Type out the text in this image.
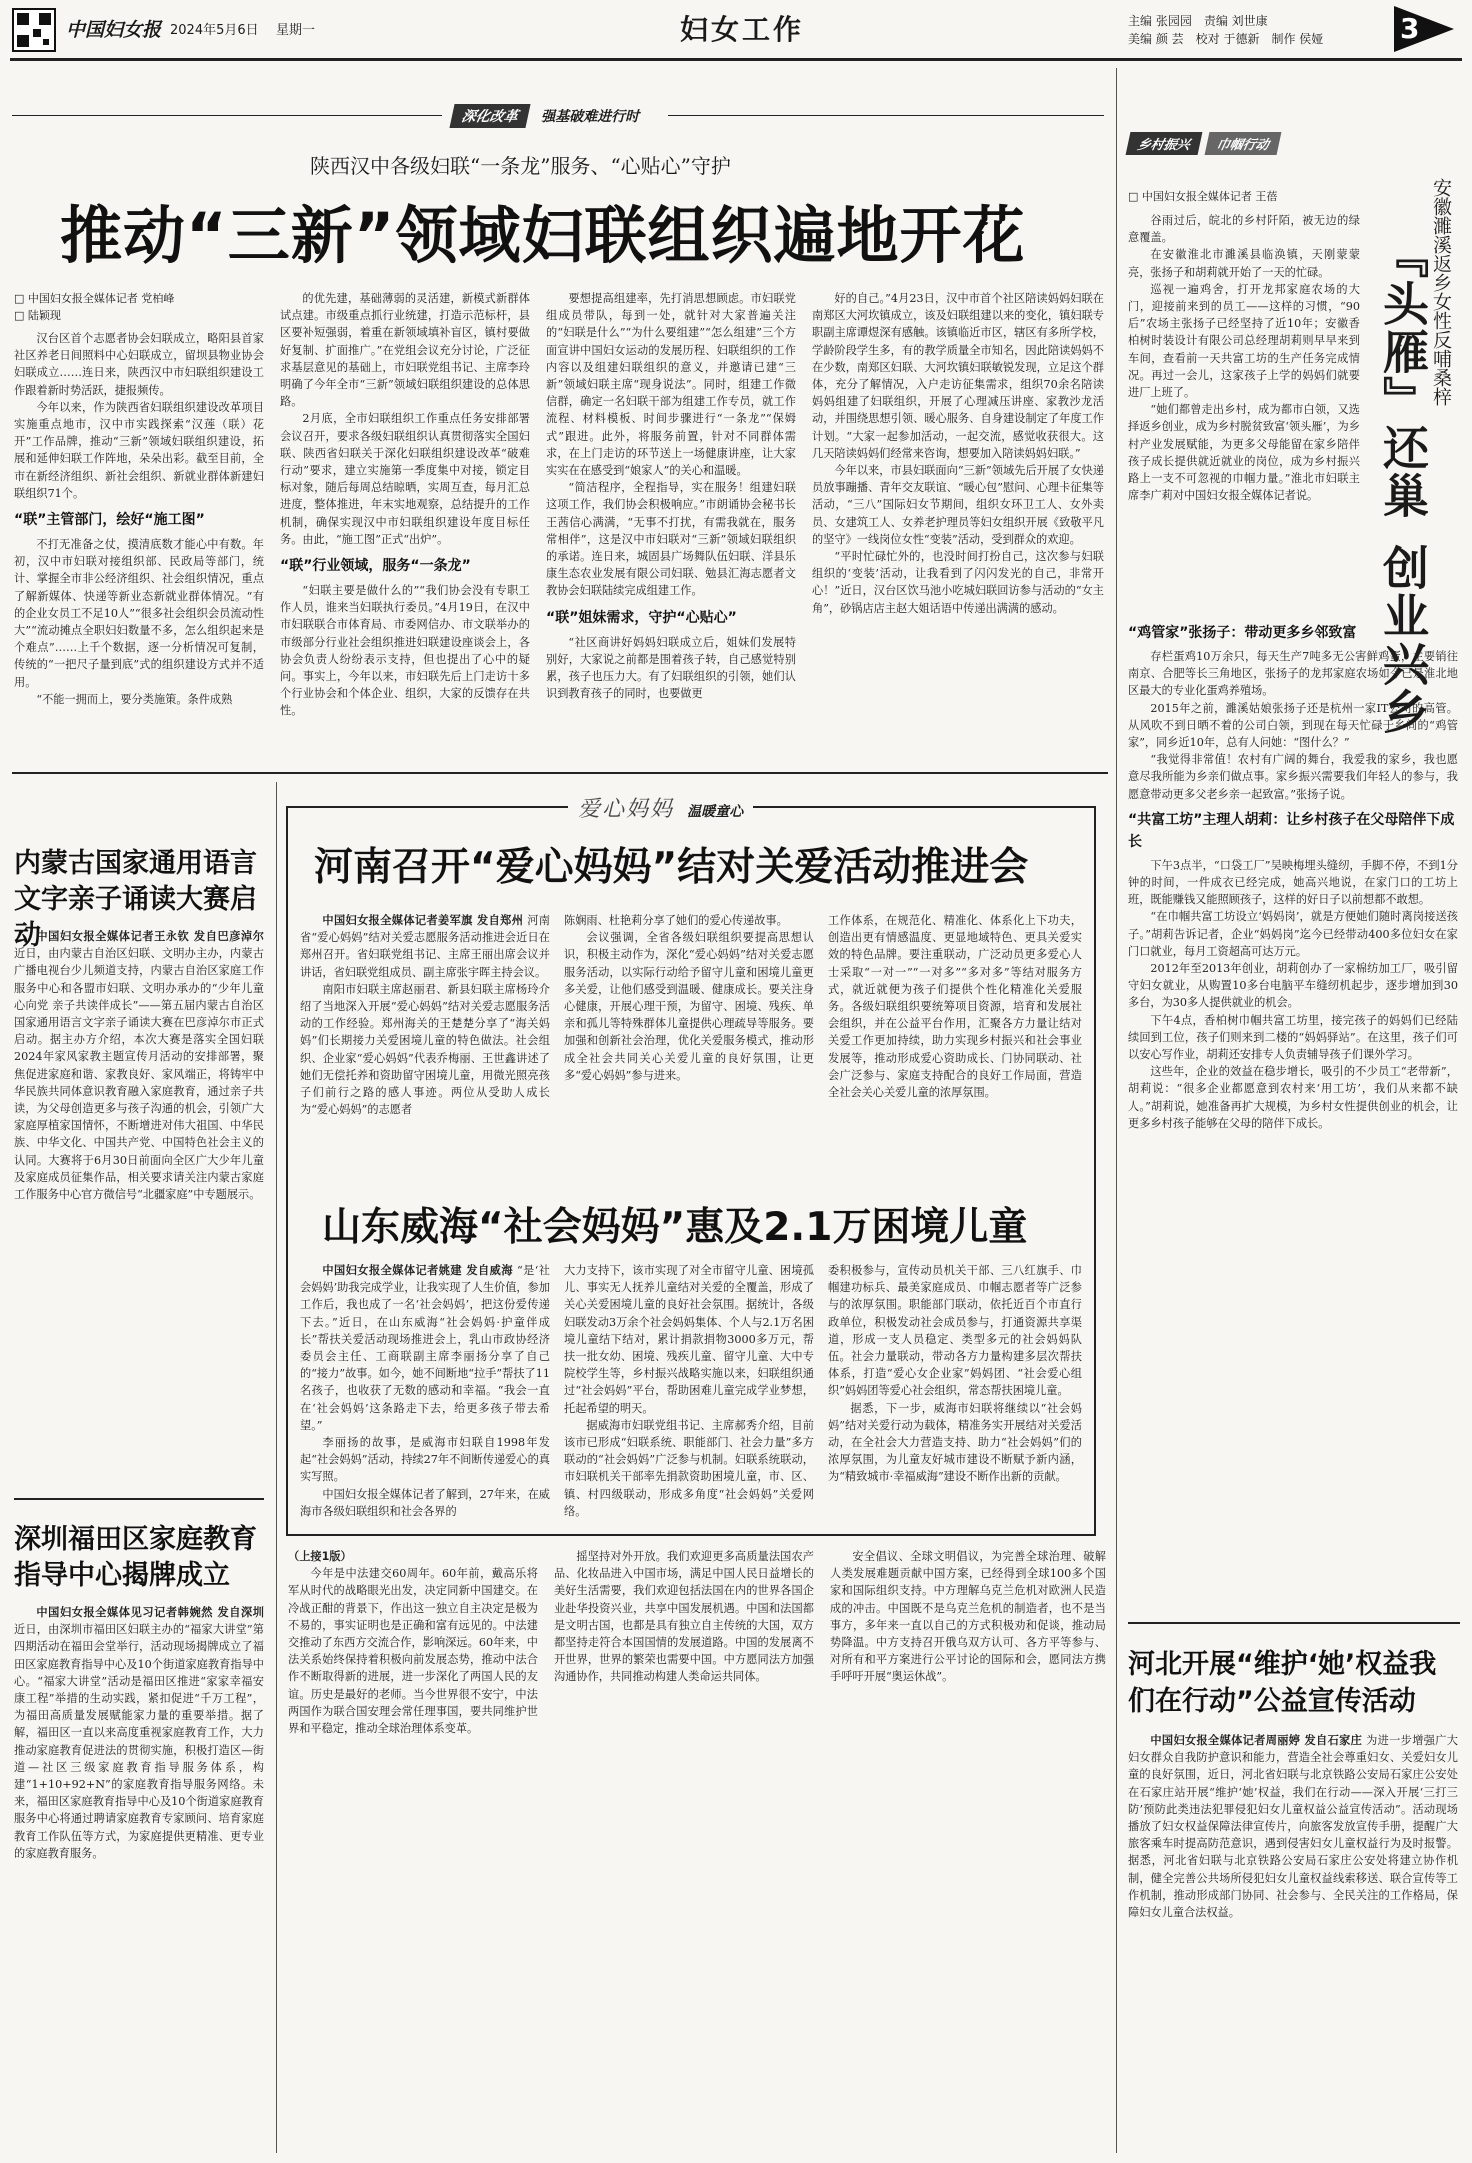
中国妇女报 2024年5月6日 星期一	妇女工作	主编 张园园　责编 刘世康
美编 颜 芸　校对 于德新　制作 侯娅	3
深化改革 强基破难进行时
陕西汉中各级妇联“一条龙”服务、“心贴心”守护
推动“三新”领域妇联组织遍地开花
□ 中国妇女报全媒体记者 党柏峰
□ 陆颖现

汉台区首个志愿者协会妇联成立，略阳县首家社区养老日间照料中心妇联成立，留坝县物业协会妇联成立……连日来，陕西汉中市妇联组织建设工作跟着新时势活跃，捷报频传。

今年以来，作为陕西省妇联组织建设改革项目实施重点地市，汉中市实践探索“汉莲（联）花开”工作品牌，推动“三新”领域妇联组织建设，拓展和延伸妇联工作阵地，朵朵出彩。截至目前，全市在新经济组织、新社会组织、新就业群体新建妇联组织71个。

“联”主管部门，绘好“施工图”

不打无准备之仗，摸清底数才能心中有数。年初，汉中市妇联对接组织部、民政局等部门，统计、掌握全市非公经济组织、社会组织情况，重点了解新媒体、快递等新业态新就业群体情况。“有的企业女员工不足10人”“很多社会组织会员流动性大”“流动摊点全职妇妇数量不多，怎么组织起来是个难点”……上千个数据，逐一分析情况可复制，传统的“一把尺子量到底”式的组织建设方式并不适用。

“不能一拥而上，要分类施策。条件成熟

的优先建，基础薄弱的灵活建，新模式新群体试点建。市级重点抓行业统建，打造示范标杆，县区要补短强弱，着重在新领域填补盲区，镇村要做好复制、扩面推广。”在党组会议充分讨论，广泛征求基层意见的基础上，市妇联党组书记、主席李玲明确了今年全市“三新”领域妇联组织建设的总体思路。

2月底，全市妇联组织工作重点任务安排部署会议召开，要求各级妇联组织认真贯彻落实全国妇联、陕西省妇联关于深化妇联组织建设改革“破难行动”要求，建立实施第一季度集中对接，锁定目标对象，随后每周总结晾晒，实周互查，每月汇总进度，整体推进，年末实地观察，总结提升的工作机制，确保实现汉中市妇联组织建设年度目标任务。由此，“施工图”正式“出炉”。

“联”行业领域，服务“一条龙”

“妇联主要是做什么的”“我们协会没有专职工作人员，谁来当妇联执行委员。”4月19日，在汉中市妇联联合市体育局、市委网信办、市文联举办的市级部分行业社会组织推进妇联建设座谈会上，各协会负责人纷纷表示支持，但也提出了心中的疑问。事实上，今年以来，市妇联先后上门走访十多个行业协会和个体企业、组织，大家的反馈存在共性。

要想提高组建率，先打消思想顾虑。市妇联党组成员带队，每到一处，就针对大家普遍关注的“妇联是什么”“为什么要组建”“怎么组建”三个方面宣讲中国妇女运动的发展历程、妇联组织的工作内容以及组建妇联组织的意义，并邀请已建“三新”领域妇联主席“现身说法”。同时，组建工作微信群，确定一名妇联干部为组建工作专员，就工作流程、材料模板、时间步骤进行“一条龙”“保姆式”跟进。此外，将服务前置，针对不同群体需求，在上门走访的环节送上一场健康讲座，让大家实实在在感受到“娘家人”的关心和温暖。

“简洁程序，全程指导，实在服务！组建妇联这项工作，我们协会积极响应。”市朗诵协会秘书长王茜信心满满，“无事不打扰，有需我就在，服务常相伴”，这是汉中市妇联对“三新”领域妇联组织的承诺。连日来，城固县广场舞队伍妇联、洋县乐康生态农业发展有限公司妇联、勉县汇海志愿者文教协会妇联陆续完成组建工作。

“联”姐妹需求，守护“心贴心”

“社区商讲好妈妈妇联成立后，姐妹们发展特别好，大家说之前都是围着孩子转，自己感觉特别累，孩子也压力大。有了妇联组织的引领，她们认识到教育孩子的同时，也要做更

好的自己。”4月23日，汉中市首个社区陪读妈妈妇联在南郑区大河坎镇成立，该及妇联组建以来的变化，镇妇联专职副主席谭煜深有感触。该镇临近市区，辖区有多所学校，学龄阶段学生多，有的教学质量全市知名，因此陪读妈妈不在少数，南郑区妇联、大河坎镇妇联敏锐发现，立足这个群体，充分了解情况，入户走访征集需求，组织70余名陪读妈妈组建了妇联组织，开展了心理减压讲座、家教沙龙活动，并围绕思想引领、暖心服务、自身建设制定了年度工作计划。“大家一起参加活动，一起交流，感觉收获很大。这几天陪读妈妈们经常来咨询，想要加入陪读妈妈妇联。”

今年以来，市县妇联面向“三新”领域先后开展了女快递员放事蹦播、青年交友联谊、“暖心包”慰问、心理卡征集等活动，“三八”国际妇女节期间，组织女环卫工人、女外卖员、女建筑工人、女养老护理员等妇女组织开展《致敬平凡的坚守》一线岗位女性“变装”活动，受到群众的欢迎。

“平时忙碌忙外的，也没时间打扮自己，这次参与妇联组织的‘变装’活动，让我看到了闪闪发光的自己，非常开心！”近日，汉台区饮马池小吃城妇联回访参与活动的“女主角”，砂锅店店主赵大姐话语中传递出满满的感动。

内蒙古国家通用语言文字亲子诵读大赛启动

中国妇女报全媒体记者王永钦 发自巴彦淖尔 近日，由内蒙古自治区妇联、文明办主办，内蒙古广播电视台少儿频道支持，内蒙古自治区家庭工作服务中心和各盟市妇联、文明办承办的“少年儿童心向党 亲子共读伴成长”——第五届内蒙古自治区国家通用语言文字亲子诵读大赛在巴彦淖尔市正式启动。据主办方介绍，本次大赛是落实全国妇联2024年家风家教主题宣传月活动的安排部署，聚焦促进家庭和谐、家教良好、家风端正，将铸牢中华民族共同体意识教育融入家庭教育，通过亲子共读，为父母创造更多与孩子沟通的机会，引领广大家庭厚植家国情怀，不断增进对伟大祖国、中华民族、中华文化、中国共产党、中国特色社会主义的认同。大赛将于6月30日前面向全区广大少年儿童及家庭成员征集作品，相关要求请关注内蒙古家庭工作服务中心官方微信号“北疆家庭”中专题展示。

深圳福田区家庭教育指导中心揭牌成立

中国妇女报全媒体见习记者韩婉然 发自深圳 近日，由深圳市福田区妇联主办的“福家大讲堂”第四期活动在福田会堂举行，活动现场揭牌成立了福田区家庭教育指导中心及10个街道家庭教育指导中心。“福家大讲堂”活动是福田区推进“家家幸福安康工程”举措的生动实践，紧扣促进“千万工程”，为福田高质量发展赋能家力量的重要举措。据了解，福田区一直以来高度重视家庭教育工作，大力推动家庭教育促进法的贯彻实施，积极打造区—街道—社区三级家庭教育指导服务体系，构建“1+10+92+N”的家庭教育指导服务网络。未来，福田区家庭教育指导中心及10个街道家庭教育服务中心将通过聘请家庭教育专家顾问、培育家庭教育工作队伍等方式，为家庭提供更精准、更专业的家庭教育服务。

爱心妈妈 温暖童心
河南召开“爱心妈妈”结对关爱活动推进会

中国妇女报全媒体记者姜军旗 发自郑州 河南省“爱心妈妈”结对关爱志愿服务活动推进会近日在郑州召开。省妇联党组书记、主席王丽出席会议并讲话，省妇联党组成员、副主席张宇晖主持会议。

南阳市妇联主席赵丽君、新县妇联主席杨玲介绍了当地深入开展“爱心妈妈”结对关爱志愿服务活动的工作经验。郑州海关的王楚楚分享了“海关妈妈”们长期接力关爱困境儿童的特色做法。社会组织、企业家“爱心妈妈”代表乔梅丽、王世鑫讲述了她们无偿托养和资助留守困境儿童，用微光照亮孩子们前行之路的感人事迹。两位从受助人成长为“爱心妈妈”的志愿者

陈娴雨、杜艳莉分享了她们的爱心传递故事。

会议强调，全省各级妇联组织要提高思想认识，积极主动作为，深化“爱心妈妈”结对关爱志愿服务活动，以实际行动给予留守儿童和困境儿童更多关爱，让他们感受到温暖、健康成长。要关注身心健康，开展心理干预，为留守、困境、残疾、单亲和孤儿等特殊群体儿童提供心理疏导等服务。要加强和创新社会治理，优化关爱服务模式，推动形成全社会共同关心关爱儿童的良好氛围，让更多“爱心妈妈”参与进来。

工作体系，在规范化、精准化、体系化上下功夫，创造出更有情感温度、更显地域特色、更具关爱实效的特色品牌。要注重联动，广泛动员更多爱心人士采取“一对一”“一对多”“多对多”等结对服务方式，就近就便为孩子们提供个性化精准化关爱服务。各级妇联组织要统筹项目资源，培育和发展社会组织，并在公益平台作用，汇聚各方力量让结对关爱工作更加持续，助力实现乡村振兴和社会事业发展等，推动形成爱心资助成长、门协同联动、社会广泛参与、家庭支持配合的良好工作局面，营造全社会关心关爱儿童的浓厚氛围。

山东威海“社会妈妈”惠及2.1万困境儿童

中国妇女报全媒体记者姚建 发自威海 “是‘社会妈妈’助我完成学业，让我实现了人生价值，参加工作后，我也成了一名‘社会妈妈’，把这份爱传递下去。”近日，在山东威海“社会妈妈·护童伴成长”帮扶关爱活动现场推进会上，乳山市政协经济委员会主任、工商联副主席李丽扬分享了自己的“接力”故事。如今，她不间断地“拉手”帮扶了11名孩子，也收获了无数的感动和幸福。“我会一直在‘社会妈妈’这条路走下去，给更多孩子带去希望。”

李丽扬的故事，是威海市妇联自1998年发起“社会妈妈”活动，持续27年不间断传递爱心的真实写照。

中国妇女报全媒体记者了解到，27年来，在威海市各级妇联组织和社会各界的

大力支持下，该市实现了对全市留守儿童、困境孤儿、事实无人抚养儿童结对关爱的全覆盖，形成了关心关爱困境儿童的良好社会氛围。据统计，各级妇联发动3万余个社会妈妈集体、个人与2.1万名困境儿童结下结对，累计捐款捐物3000多万元，帮扶一批女幼、困境、残疾儿童、留守儿童、大中专院校学生等，乡村振兴战略实施以来，妇联组织通过“社会妈妈”平台，帮助困难儿童完成学业梦想，托起希望的明天。

据威海市妇联党组书记、主席郝秀介绍，目前该市已形成“妇联系统、职能部门、社会力量”多方联动的“社会妈妈”广泛参与机制。妇联系统联动，市妇联机关干部率先捐款资助困境儿童，市、区、镇、村四级联动，形成多角度“社会妈妈”关爱网络。

委积极参与，宣传动员机关干部、三八红旗手、巾帼建功标兵、最美家庭成员、巾帼志愿者等广泛参与的浓厚氛围。职能部门联动，依托近百个市直行政单位，积极发动社会成员参与，打通资源共享渠道，形成一支人员稳定、类型多元的社会妈妈队伍。社会力量联动，带动各方力量构建多层次帮扶体系，打造“爱心女企业家”妈妈团、“社会爱心组织”妈妈团等爱心社会组织，常态帮扶困境儿童。

据悉，下一步，威海市妇联将继续以“社会妈妈”结对关爱行动为载体，精准务实开展结对关爱活动，在全社会大力营造支持、助力“社会妈妈”们的浓厚氛围，为儿童友好城市建设不断赋予新内涵，为“精致城市·幸福威海”建设不断作出新的贡献。

（上接1版）

今年是中法建交60周年。60年前，戴高乐将军从时代的战略眼光出发，决定同新中国建交。在冷战正酣的背景下，作出这一独立自主决定是极为不易的，事实证明也是正确和富有远见的。中法建交推动了东西方交流合作，影响深远。60年来，中法关系始终保持着积极向前发展态势，推动中法合作不断取得新的进展，进一步深化了两国人民的友谊。历史是最好的老师。当今世界很不安宁，中法两国作为联合国安理会常任理事国，要共同维护世界和平稳定，推动全球治理体系变革。

摇坚持对外开放。我们欢迎更多高质量法国农产品、化妆品进入中国市场，满足中国人民日益增长的美好生活需要，我们欢迎包括法国在内的世界各国企业赴华投资兴业，共享中国发展机遇。中国和法国都是文明古国，也都是具有独立自主传统的大国，双方都坚持走符合本国国情的发展道路。中国的发展离不开世界，世界的繁荣也需要中国。中方愿同法方加强沟通协作，共同推动构建人类命运共同体。

安全倡议、全球文明倡议，为完善全球治理、破解人类发展难题贡献中国方案，已经得到全球100多个国家和国际组织支持。中方理解乌克兰危机对欧洲人民造成的冲击。中国既不是乌克兰危机的制造者，也不是当事方，多年来一直以自己的方式积极劝和促谈，推动局势降温。中方支持召开俄乌双方认可、各方平等参与、对所有和平方案进行公平讨论的国际和会，愿同法方携手呼吁开展“奥运休战”。

乡村振兴 巾帼行动
□ 中国妇女报全媒体记者 王蓓	安徽濉溪返乡女性反哺桑梓
『头雁』还巢创业兴乡

谷雨过后，皖北的乡村阡陌，被无边的绿意覆盖。

在安徽淮北市濉溪县临涣镇，天刚蒙蒙亮，张扬子和胡莉就开始了一天的忙碌。

巡视一遍鸡舍，打开龙邦家庭农场的大门，迎接前来到的员工——这样的习惯，“90后”农场主张扬子已经坚持了近10年；安徽香柏树时装设计有限公司总经理胡莉则早早来到车间，查看前一天共富工坊的生产任务完成情况。再过一会儿，这家孩子上学的妈妈们就要进厂上班了。

“她们都曾走出乡村，成为都市白领，又选择返乡创业，成为乡村脱贫致富‘领头雁’，为乡村产业发展赋能，为更多父母能留在家乡陪伴孩子成长提供就近就业的岗位，成为乡村振兴路上一支不可忽视的巾帼力量。”淮北市妇联主席李广莉对中国妇女报全媒体记者说。

“鸡管家”张扬子：带动更多乡邻致富

存栏蛋鸡10万余只，每天生产7吨多无公害鲜鸡蛋，主要销往南京、合肥等长三角地区，张扬子的龙邦家庭农场如今已是淮北地区最大的专业化蛋鸡养殖场。

2015年之前，濉溪姑娘张扬子还是杭州一家IT公司的高管。从风吹不到日晒不着的公司白领，到现在每天忙碌于乡间的“鸡管家”，同乡近10年，总有人问她：“图什么？”

“我觉得非常值！农村有广阔的舞台，我爱我的家乡，我也愿意尽我所能为乡亲们做点事。家乡振兴需要我们年轻人的参与，我愿意带动更多父老乡亲一起致富。”张扬子说。

“共富工坊”主理人胡莉：让乡村孩子在父母陪伴下成长

下午3点半，“口袋工厂”吴映梅埋头缝纫，手脚不停，不到1分钟的时间，一件成衣已经完成，她高兴地说，在家门口的工坊上班，既能赚钱又能照顾孩子，这样的好日子以前想都不敢想。

“在巾帼共富工坊设立‘妈妈岗’，就是方便她们随时离岗接送孩子。”胡莉告诉记者，企业“妈妈岗”迄今已经带动400多位妇女在家门口就业，每月工资超高可达万元。

2012年至2013年创业，胡莉创办了一家棉纺加工厂，吸引留守妇女就业，从购置10多台电脑平车缝纫机起步，逐步增加到30多台，为30多人提供就业的机会。

下午4点，香柏树巾帼共富工坊里，接完孩子的妈妈们已经陆续回到工位，孩子们则来到二楼的“妈妈驿站”。在这里，孩子们可以安心写作业，胡莉还安排专人负责辅导孩子们课外学习。

这些年，企业的效益在稳步增长，吸引的不少员工“老带新”，胡莉说：“很多企业都愿意到农村来‘用工坊’，我们从来都不缺人。”胡莉说，她准备再扩大规模，为乡村女性提供创业的机会，让更多乡村孩子能够在父母的陪伴下成长。

河北开展“维护‘她’权益我们在行动”公益宣传活动

中国妇女报全媒体记者周丽婷 发自石家庄 为进一步增强广大妇女群众自我防护意识和能力，营造全社会尊重妇女、关爱妇女儿童的良好氛围，近日，河北省妇联与北京铁路公安局石家庄公安处在石家庄站开展“维护‘她’权益，我们在行动——深入开展‘三打三防’预防此类违法犯罪侵犯妇女儿童权益公益宣传活动”。活动现场播放了妇女权益保障法律宣传片，向旅客发放宣传手册，提醒广大旅客乘车时提高防范意识，遇到侵害妇女儿童权益行为及时报警。据悉，河北省妇联与北京铁路公安局石家庄公安处将建立协作机制，健全完善公共场所侵犯妇女儿童权益线索移送、联合宣传等工作机制，推动形成部门协同、社会参与、全民关注的工作格局，保障妇女儿童合法权益。
